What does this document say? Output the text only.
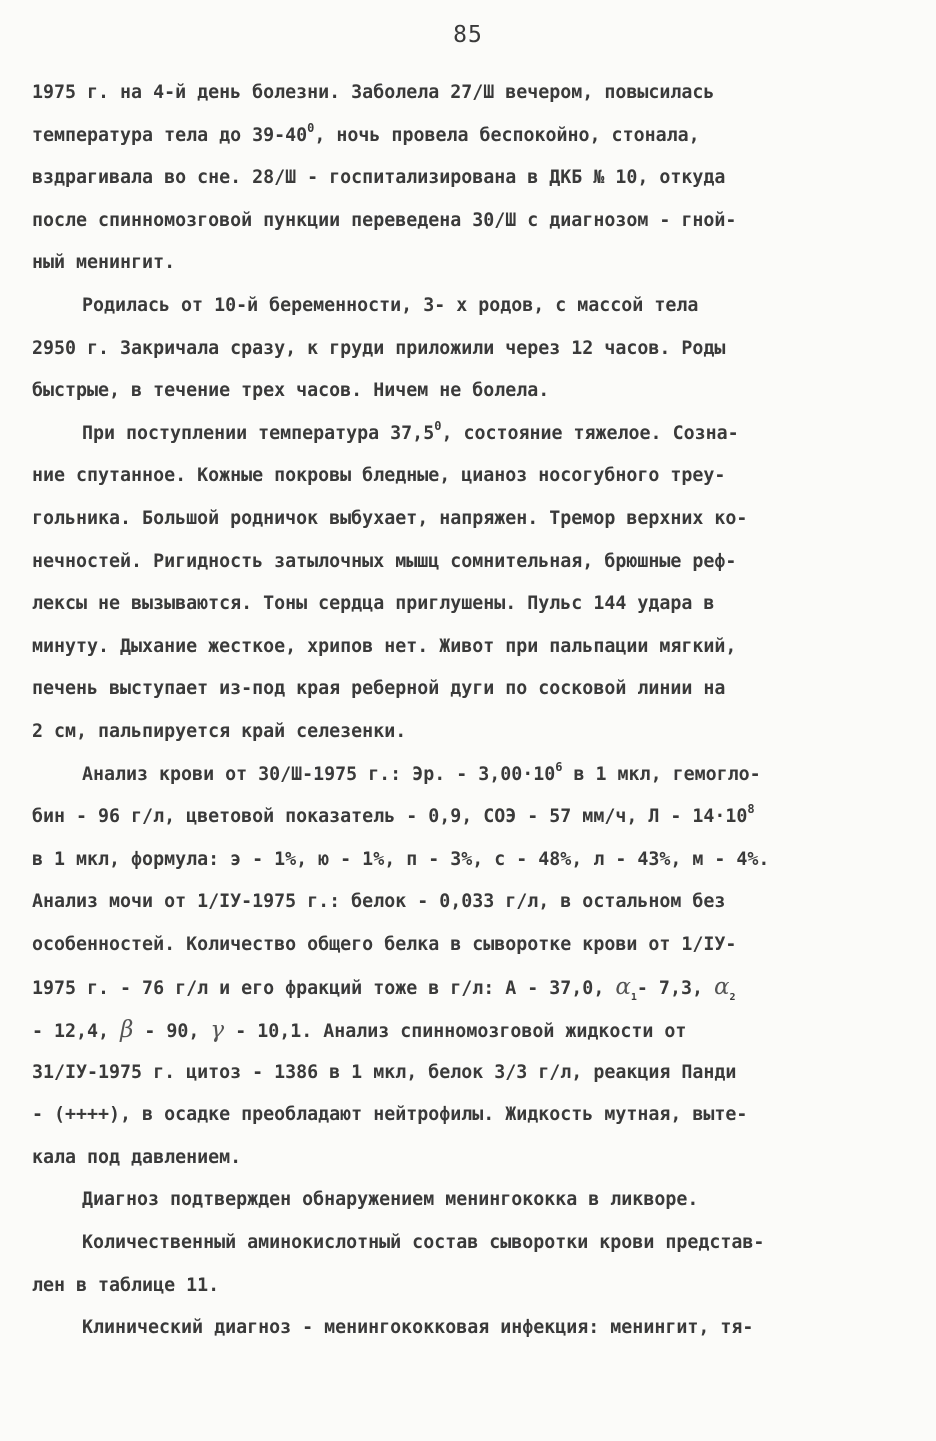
85
1975 г. на 4-й день болезни. Заболела 27/Ш вечером, повысилась
температура тела до $39-40^0$, ночь провела беспокойно, стонала,
вздрагивала во сне. 28/Ш - госпитализирована в ДКБ № 10, откуда
после спинномозговой пункции переведена 30/Ш с диагнозом - гной-
ный менингит.
Родилась от 10-й беременности, 3- х родов, с массой тела
2950 г. Закричала сразу, к груди приложили через 12 часов. Роды
быстрые, в течение трех часов. Ничем не болела.
При поступлении температура 37,5$^0$, состояние тяжелое. Созна-
ние спутанное. Кожные покровы бледные, цианоз носогубного треу-
гольника. Большой родничок выбухает, напряжен. Тремор верхних ко-
нечностей. Ригидность затылочных мышц сомнительная, брюшные реф-
лексы не вызываются. Тоны сердца приглушены. Пульс 144 удара в
минуту. Дыхание жесткое, хрипов нет. Живот при пальпации мягкий,
печень выступает из-под края реберной дуги по сосковой линии на
2 см, пальпируется край селезенки.
Анализ крови от 30/Ш-1975 г.: Эр. - $3,00\cdot 10^6$ в 1 мкл, гемогло-
бин - 96 г/л, цветовой показатель - 0,9, СОЭ - 57 мм/ч, $Л - 14\cdot 10^8$
в 1 мкл, формула: э - 1%, ю - 1%, п - 3%, с - 48%, л - 43%, м - 4%.
Анализ мочи от 1/IУ-1975 г.: белок - 0,033 г/л, в остальном без
особенностей. Количество общего белка в сыворотке крови от 1/IУ-
1975 г. - 76 г/л и его фракций тоже в г/л: А - 37,0, $\alpha_1-$ 7,3, $\alpha_2$
- 12,4, β - 90, γ - 10,1. Анализ спинномозговой жидкости от
31/IУ-1975 г. цитоз - 1386 в 1 мкл, белок 3/3 г/л, реакция Панди
- (++++), в осадке преобладают нейтрофилы. Жидкость мутная, выте-
кала под давлением.
Диагноз подтвержден обнаружением менингококка в ликворе.
Количественный аминокислотный состав сыворотки крови представ-
лен в таблице 11.
Клинический диагноз - менингококковая инфекция: менингит, тя-
